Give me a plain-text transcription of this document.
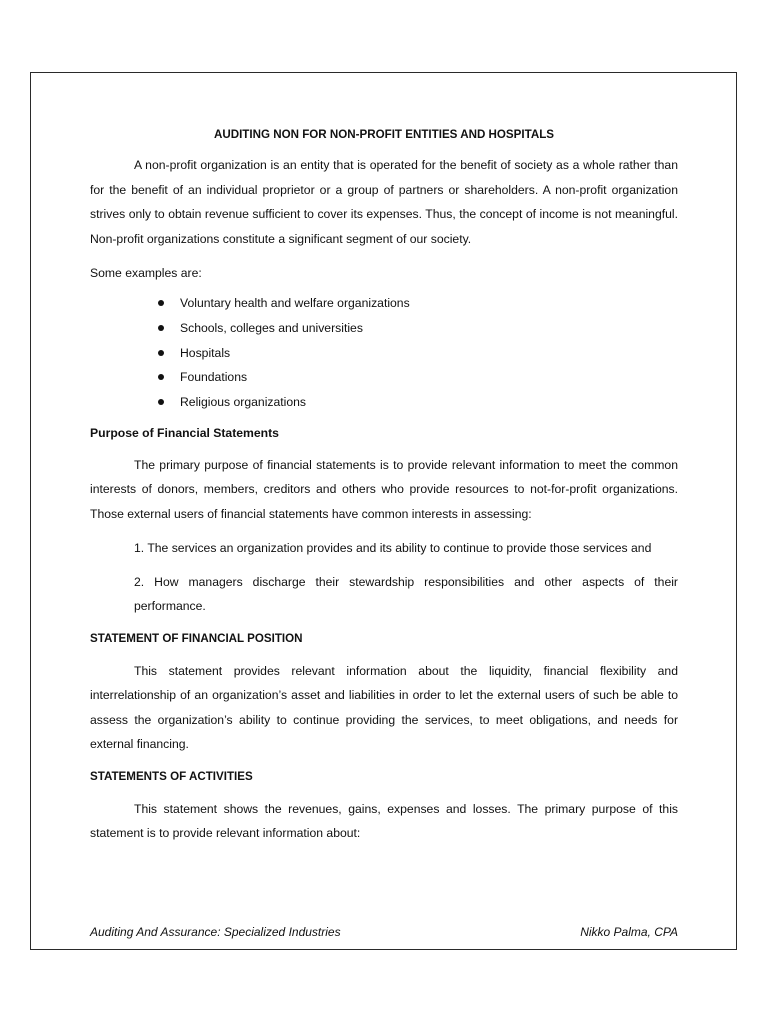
AUDITING NON FOR NON-PROFIT ENTITIES AND HOSPITALS

A non-profit organization is an entity that is operated for the benefit of society as a whole rather than for the benefit of an individual proprietor or a group of partners or shareholders. A non-profit organization strives only to obtain revenue sufficient to cover its expenses. Thus, the concept of income is not meaningful. Non-profit organizations constitute a significant segment of our society.

Some examples are:

Voluntary health and welfare organizations
Schools, colleges and universities
Hospitals
Foundations
Religious organizations

Purpose of Financial Statements

The primary purpose of financial statements is to provide relevant information to meet the common interests of donors, members, creditors and others who provide resources to not-for-profit organizations. Those external users of financial statements have common interests in assessing:

1. The services an organization provides and its ability to continue to provide those services and

2. How managers discharge their stewardship responsibilities and other aspects of their performance.

STATEMENT OF FINANCIAL POSITION

This statement provides relevant information about the liquidity, financial flexibility and interrelationship of an organization’s asset and liabilities in order to let the external users of such be able to assess the organization’s ability to continue providing the services, to meet obligations, and needs for external financing.

STATEMENTS OF ACTIVITIES

This statement shows the revenues, gains, expenses and losses. The primary purpose of this statement is to provide relevant information about:

Auditing And Assurance: Specialized Industries	Nikko Palma, CPA
